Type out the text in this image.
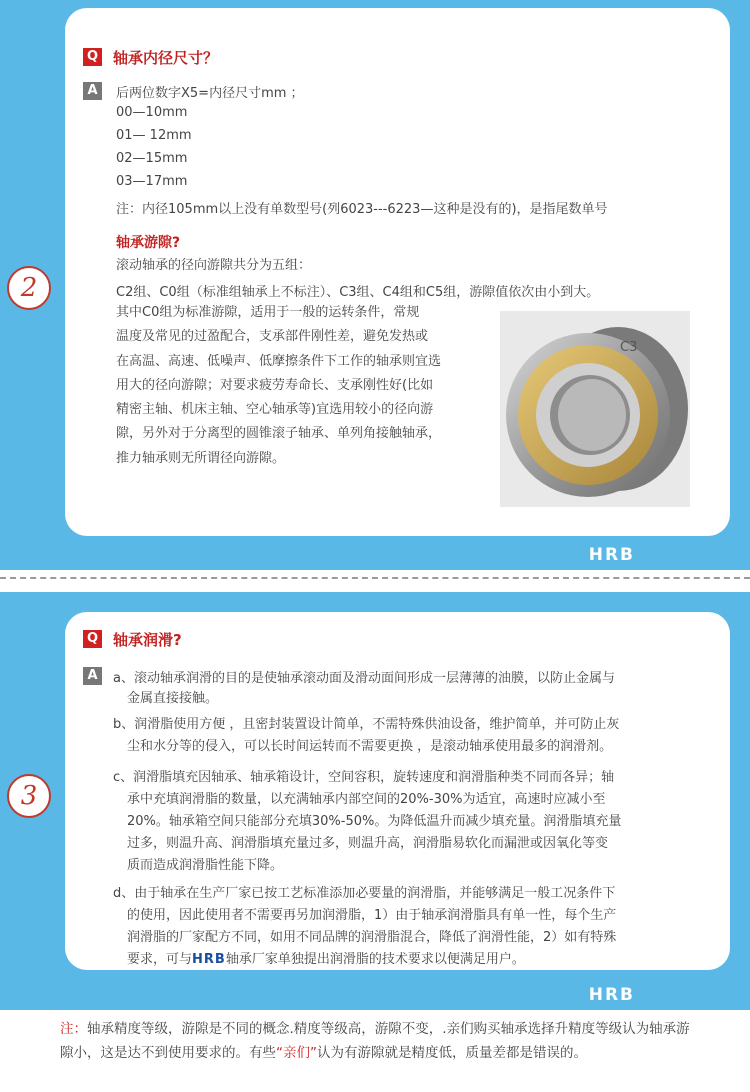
2
Q 轴承内径尺寸？
A	后两位数字X5=内径尺寸mm ；
00—10mm
01— 12mm
02—15mm
03—17mm
注：内径105mm以上没有单数型号(列6023---6223—这种是没有的)，是指尾数单号
轴承游隙?
滚动轴承的径向游隙共分为五组：
C2组、C0组（标准组轴承上不标注）、C3组、C4组和C5组，游隙值依次由小到大。
其中C0组为标准游隙，适用于一般的运转条件，常规
温度及常见的过盈配合，支承部件刚性差，避免发热或
在高温、高速、低噪声、低摩擦条件下工作的轴承则宜选
用大的径向游隙；对要求疲劳寿命长、支承刚性好(比如
精密主轴、机床主轴、空心轴承等)宜选用较小的径向游
隙，另外对于分离型的圆锥滚子轴承、单列角接触轴承，
推力轴承则无所谓径向游隙。
C3
HRB
3
Q 轴承润滑?
A	a、滚动轴承润滑的目的是使轴承滚动面及滑动面间形成一层薄薄的油膜，以防止金属与
金属直接接触。
b、润滑脂使用方便 ，且密封装置设计简单，不需特殊供油设备，维护简单，并可防止灰
尘和水分等的侵入，可以长时间运转而不需要更换 ，是滚动轴承使用最多的润滑剂。
c、润滑脂填充因轴承、轴承箱设计，空间容积，旋转速度和润滑脂种类不同而各异；轴
承中充填润滑脂的数量，以充满轴承内部空间的20%-30%为适宜，高速时应减小至
20%。轴承箱空间只能部分充填30%-50%。为降低温升而减少填充量。润滑脂填充量
过多，则温升高、润滑脂填充量过多，则温升高，润滑脂易软化而漏泄或因氧化等变
质而造成润滑脂性能下降。
d、由于轴承在生产厂家已按工艺标准添加必要量的润滑脂，并能够满足一般工况条件下
的使用，因此使用者不需要再另加润滑脂，1）由于轴承润滑脂具有单一性，每个生产
润滑脂的厂家配方不同，如用不同品牌的润滑脂混合，降低了润滑性能，2）如有特殊
要求，可与HRB轴承厂家单独提出润滑脂的技术要求以便满足用户。
HRB
注：轴承精度等级，游隙是不同的概念.精度等级高，游隙不变，.亲们购买轴承选择升精度等级认为轴承游隙小，这是达不到使用要求的。有些“亲们”认为有游隙就是精度低，质量差都是错误的。
